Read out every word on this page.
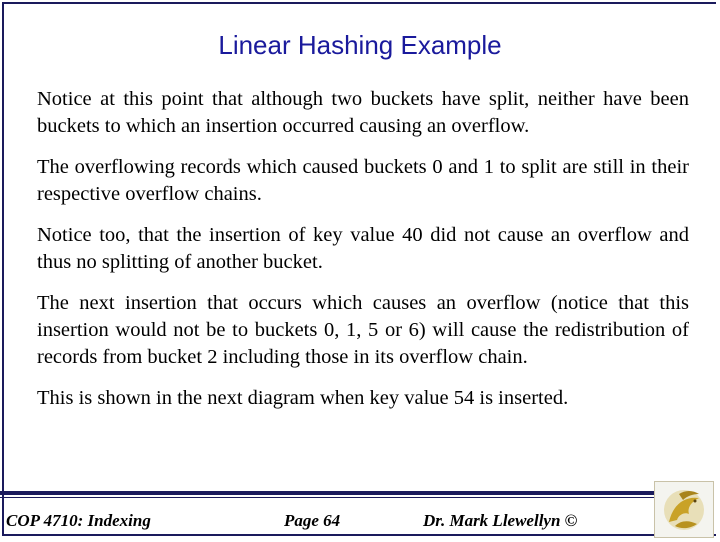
Linear Hashing Example

Notice at this point that although two buckets have split, neither have been buckets to which an insertion occurred causing an overflow.

The overflowing records which caused buckets 0 and 1 to split are still in their respective overflow chains.

Notice too, that the insertion of key value 40 did not cause an overflow and thus no splitting of another bucket.

The next insertion that occurs which causes an overflow (notice that this insertion would not be to buckets 0, 1, 5 or 6) will cause the redistribution of records from bucket 2 including those in its overflow chain.

This is shown in the next diagram when key value 54 is inserted.

COP 4710: Indexing	Page 64	Dr. Mark Llewellyn ©
